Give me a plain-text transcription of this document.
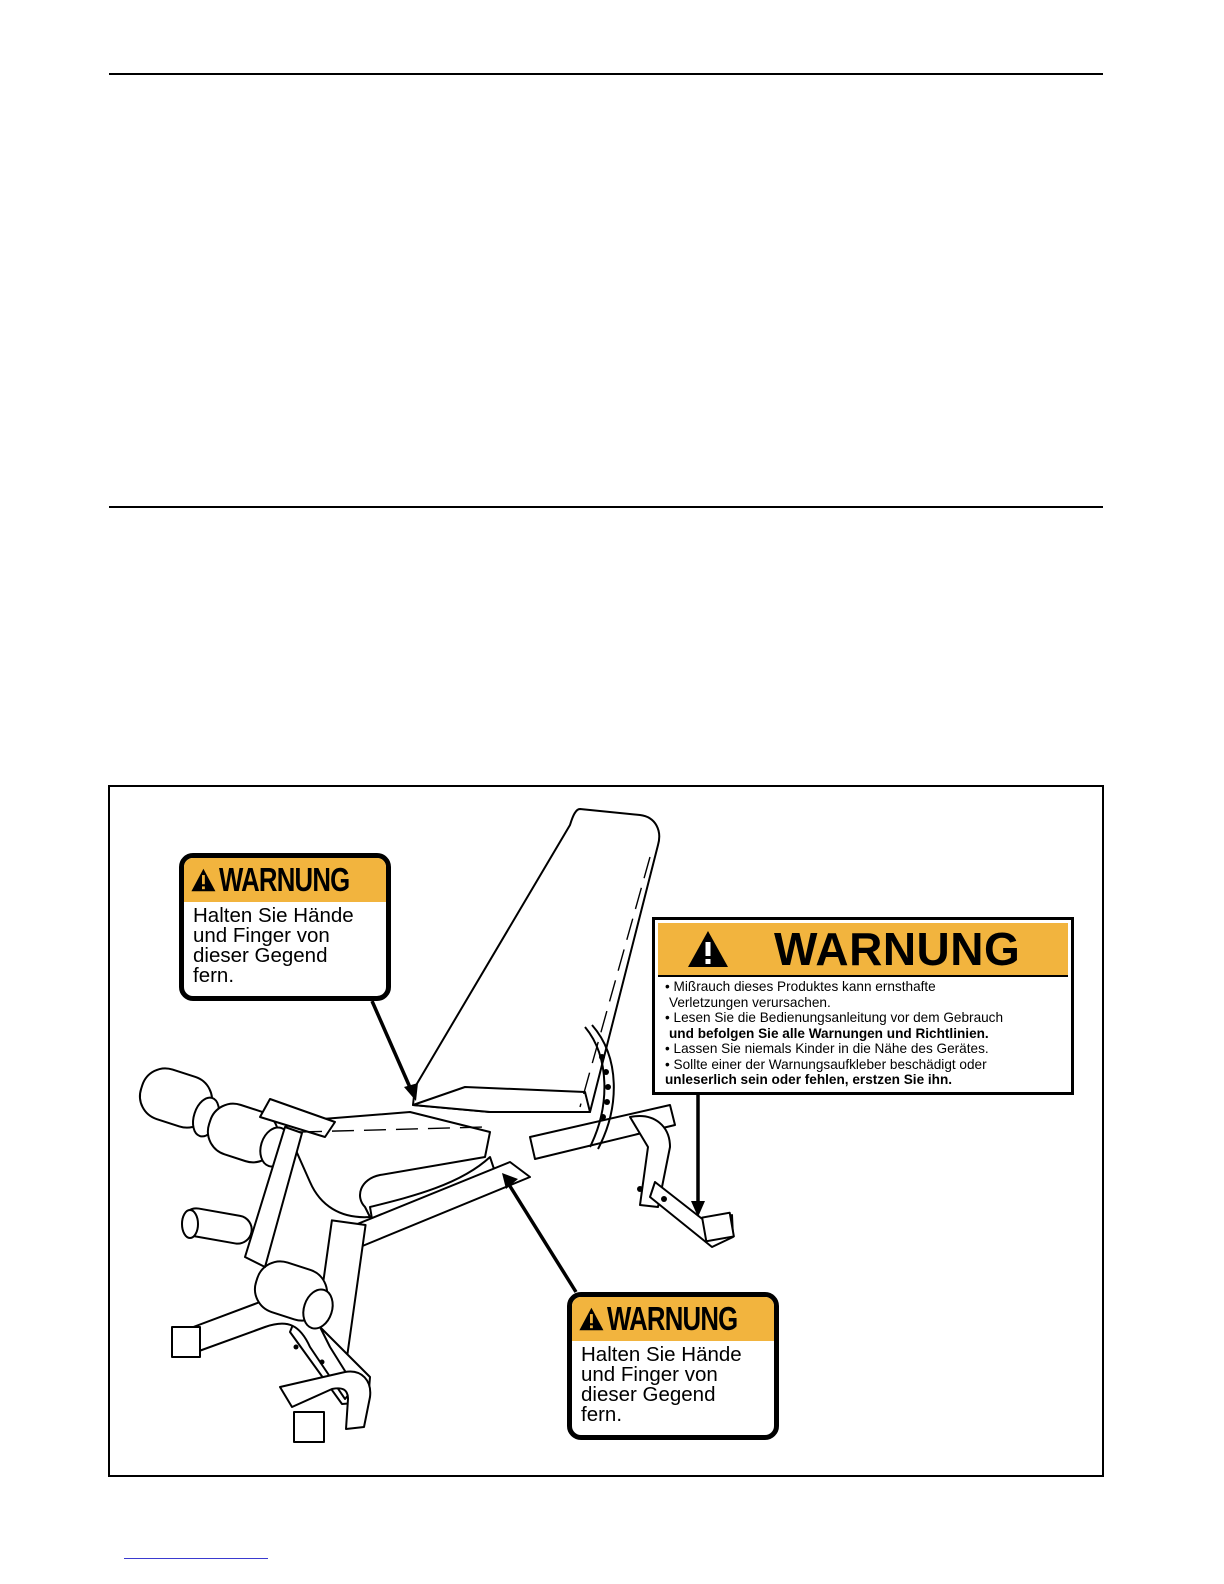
WARNUNG
Halten Sie Hände
und Finger von
dieser Gegend
fern.
WARNUNG
Halten Sie Hände
und Finger von
dieser Gegend
fern.
WARNUNG
• Mißrauch dieses Produktes kann ernsthafte
Verletzungen verursachen.
• Lesen Sie die Bedienungsanleitung vor dem Gebrauch
und befolgen Sie alle Warnungen und Richtlinien.
• Lassen Sie niemals Kinder in die Nähe des Gerätes.
• Sollte einer der Warnungsaufkleber beschädigt oder
unleserlich sein oder fehlen, erstzen Sie ihn.
